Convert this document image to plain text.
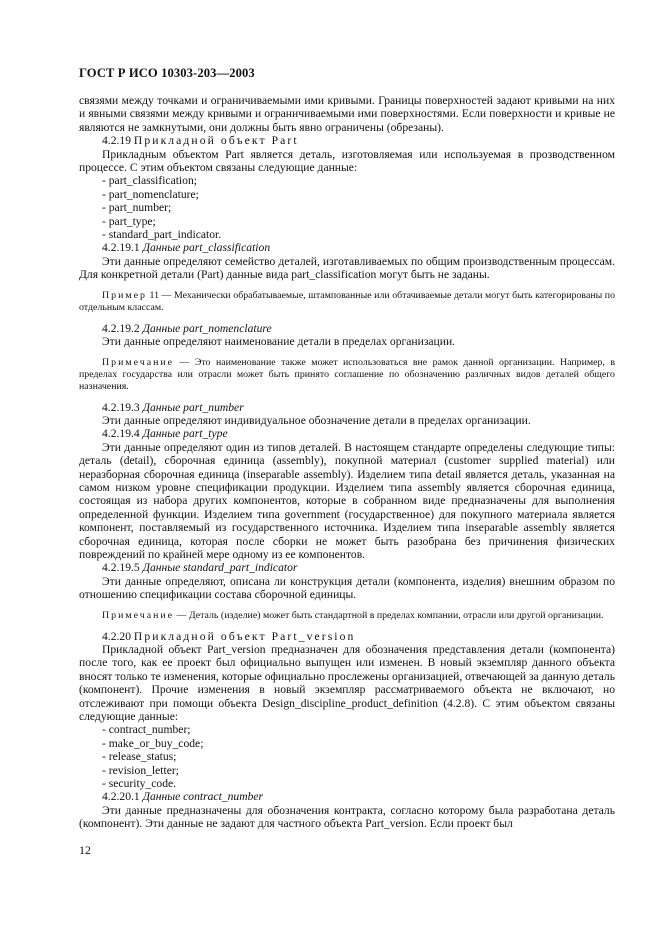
ГОСТ Р ИСО 10303-203—2003

связями между точками и ограничиваемыми ими кривыми. Границы поверхностей задают кривыми на них и явными связями между кривыми и ограничиваемыми ими поверхностями. Если поверхности и кривые не являются не замкнутыми, они должны быть явно ограничены (обрезаны).

4.2.19 Прикладной объект Part

Прикладным объектом Part является деталь, изготовляемая или используемая в прозводственном процессе. С этим объектом связаны следующие данные:

- part_classification;

- part_nomenclature;

- part_number;

- part_type;

- standard_part_indicator.

4.2.19.1 Данные part_classification

Эти данные определяют семейство деталей, изготавливаемых по общим производственным процессам. Для конкретной детали (Part) данные вида part_classification могут быть не заданы.

Пример 11 — Механически обрабатываемые, штампованные или обтачиваемые детали могут быть категорированы по отдельным классам.

4.2.19.2 Данные part_nomenclature

Эти данные определяют наименование детали в пределах организации.

Примечание — Это наименование также может использоваться вне рамок данной организации. Например, в пределах государства или отрасли может быть принято соглашение по обозначению различных видов деталей общего назначения.

4.2.19.3 Данные part_number

Эти данные определяют индивидуальное обозначение детали в пределах организации.

4.2.19.4 Данные part_type

Эти данные определяют один из типов деталей. В настоящем стандарте определены следующие типы: деталь (detail), сборочная единица (assembly), покупной материал (customer supplied material) или неразборная сборочная единица (inseparable assembly). Изделием типа detail является деталь, указанная на самом низком уровне спецификации продукции. Изделием типа assembly является сборочная единица, состоящая из набора других компонентов, которые в собранном виде предназначены для выполнения определенной функции. Изделием типа government (государственное) для покупного материала является компонент, поставляемый из государственного источника. Изделием типа inseparable assembly является сборочная единица, которая после сборки не может быть разобрана без причинения физических повреждений по крайней мере одному из ее компонентов.

4.2.19.5 Данные standard_part_indicator

Эти данные определяют, описана ли конструкция детали (компонента, изделия) внешним образом по отношению спецификации состава сборочной единицы.

Примечание — Деталь (изделие) может быть стандартной в пределах компании, отрасли или другой организации.

4.2.20 Прикладной объект Part_version

Прикладной объект Part_version предназначен для обозначения представления детали (компонента) после того, как ее проект был официально выпущен или изменен. В новый экземпляр данного объекта вносят только те изменения, которые официально прослежены организацией, отвечающей за данную деталь (компонент). Прочие изменения в новый экземпляр рассматриваемого объекта не включают, но отслеживают при помощи объекта Design_discipline_product_definition (4.2.8). С этим объектом связаны следующие данные:

- contract_number;

- make_or_buy_code;

- release_status;

- revision_letter;

- security_code.

4.2.20.1 Данные contract_number

Эти данные предназначены для обозначения контракта, согласно которому была разработана деталь (компонент). Эти данные не задают для частного объекта Part_version. Если проект был

12
